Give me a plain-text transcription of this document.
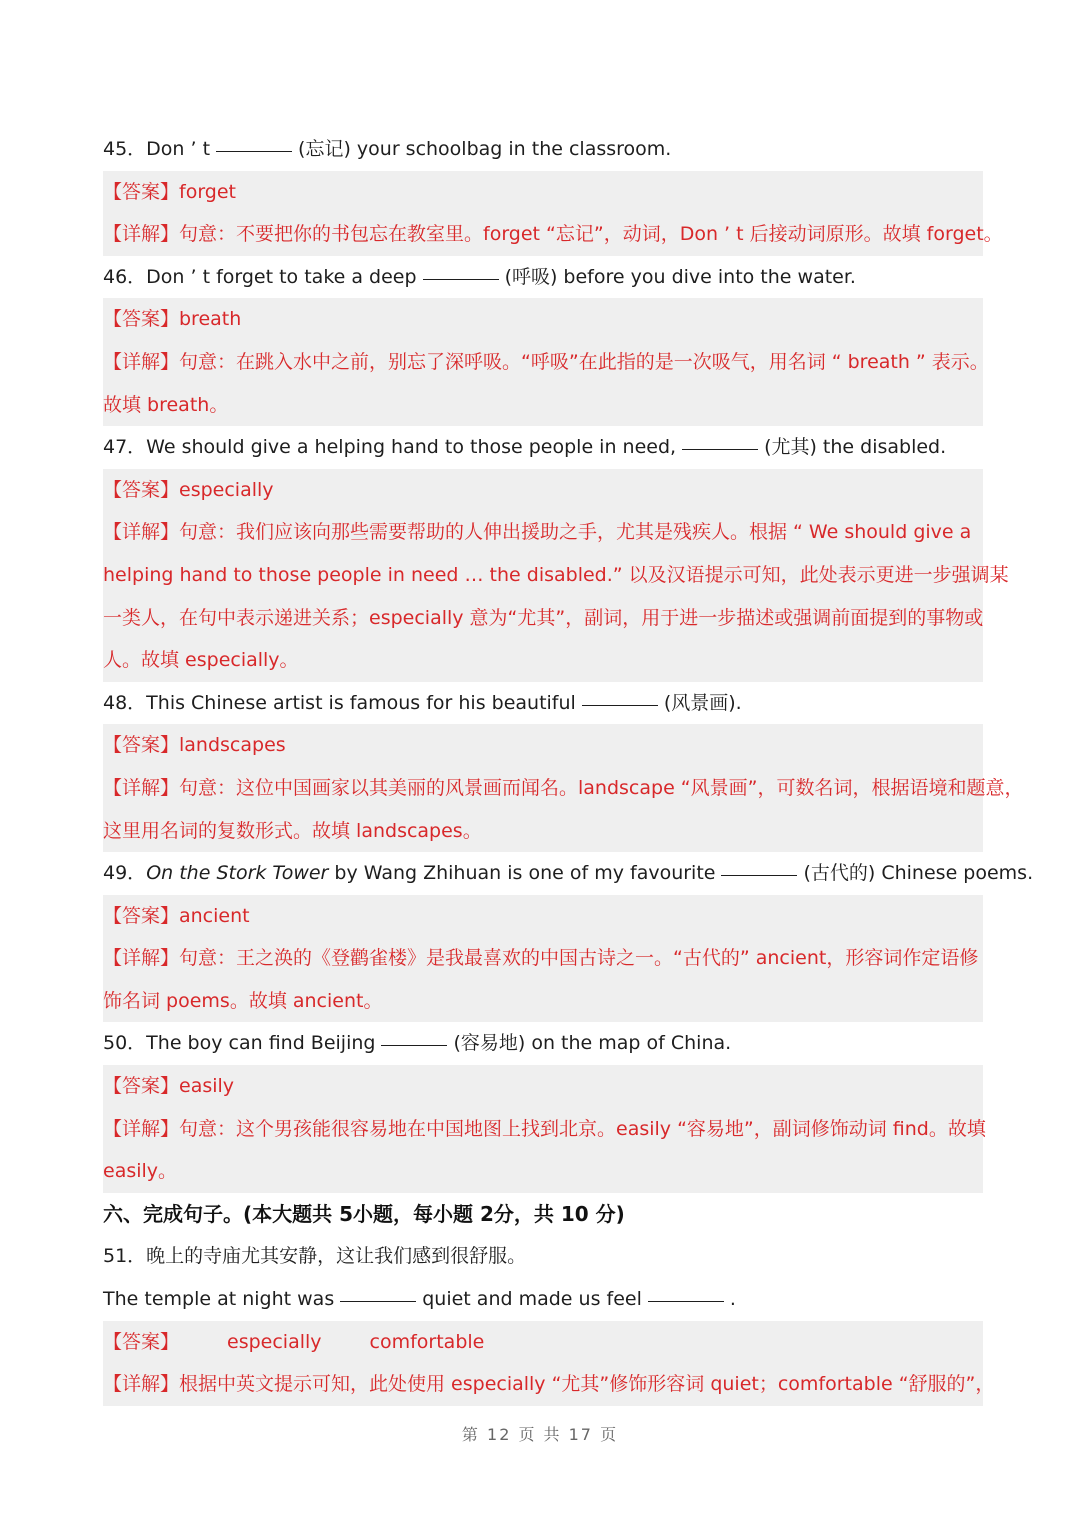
45．Don ’ t	(忘记) your schoolbag in the classroom.
【答案】forget
【详解】句意：不要把你的书包忘在教室里。forget “忘记”，动词，Don ’ t 后接动词原形。故填 forget。
46．Don ’ t forget to take a deep	(呼吸) before you dive into the water.
【答案】breath
【详解】句意：在跳入水中之前，别忘了深呼吸。“呼吸”在此指的是一次吸气，用名词 “ breath ” 表示。
故填 breath。
47．We should give a helping hand to those people in need,	(尤其) the disabled.
【答案】especially
【详解】句意：我们应该向那些需要帮助的人伸出援助之手，尤其是残疾人。根据 “ We should give a
helping hand to those people in need … the disabled.” 以及汉语提示可知，此处表示更进一步强调某
一类人，在句中表示递进关系；especially 意为“尤其”，副词，用于进一步描述或强调前面提到的事物或
人。故填 especially。
48．This Chinese artist is famous for his beautiful	(风景画).
【答案】landscapes
【详解】句意：这位中国画家以其美丽的风景画而闻名。landscape “风景画”，可数名词，根据语境和题意，
这里用名词的复数形式。故填 landscapes。
49．On the Stork Tower by Wang Zhihuan is one of my favourite	(古代的) Chinese poems.
【答案】ancient
【详解】句意：王之涣的《登鹳雀楼》是我最喜欢的中国古诗之一。“古代的” ancient，形容词作定语修
饰名词 poems。故填 ancient。
50．The boy can find Beijing	(容易地) on the map of China.
【答案】easily
【详解】句意：这个男孩能很容易地在中国地图上找到北京。easily “容易地”，副词修饰动词 find。故填
easily。
六、完成句子。(本大题共 5小题，每小题 2分，共 10 分)
51．晚上的寺庙尤其安静，这让我们感到很舒服。
The temple at night was	quiet and made us feel	.
【答案】	especially	comfortable
【详解】根据中英文提示可知，此处使用 especially “尤其”修饰形容词 quiet；comfortable “舒服的”，
第 12 页 共 17 页
